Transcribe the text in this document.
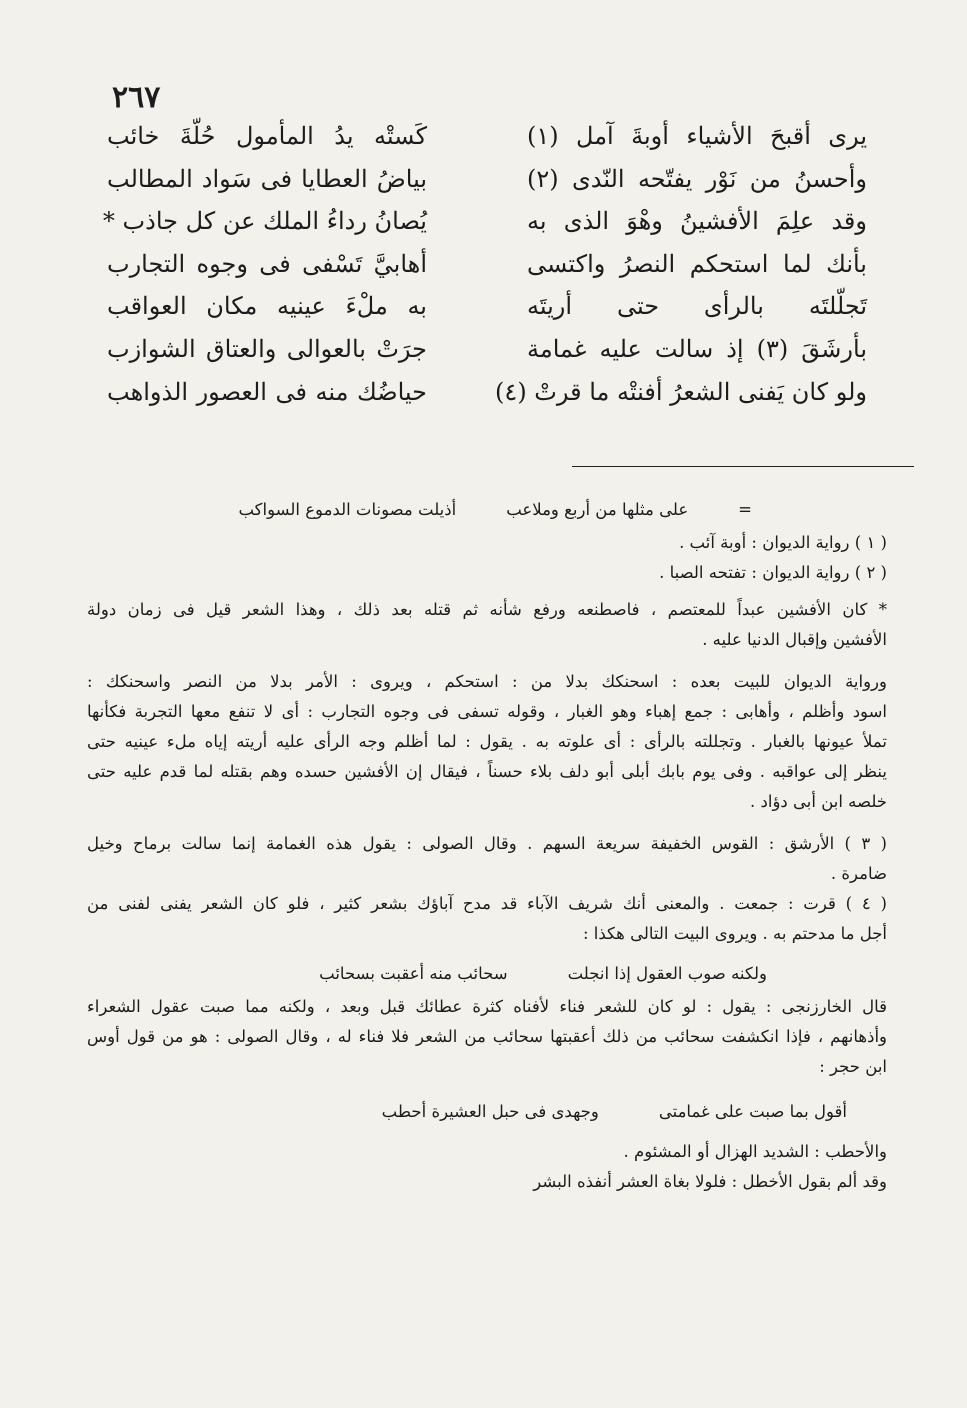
٢٦٧
يرى أقبحَ الأشياء أوبةَ آمل (١)
كَستْه يدُ المأمول حُلّةَ خائب
وأحسنُ من نَوْر يفتّحه النّدى (٢)
بياضُ العطايا فى سَواد المطالب
وقد علِمَ الأفشينُ وهْوَ الذى به
يُصانُ رداءُ الملك عن كل جاذب *
بأنك لما استحكم النصرُ واكتسى
أهابيَّ تَسْفى فى وجوه التجارب
تَجلّلتَه بالرأى حتى أريتَه
به ملْءَ عينيه مكان العواقب
بأرشَقَ (٣) إذ سالت عليه غمامة
جرَتْ بالعوالى والعتاق الشوازب
ولو كان يَفنى الشعرُ أفنتْه ما قرتْ (٤)
حياضُك منه فى العصور الذواهب
=
على مثلها من أربع وملاعب
أذيلت مصونات الدموع السواكب
( ١ ) رواية الديوان : أوبة آئب .
( ٢ ) رواية الديوان : تفتحه الصبا .
* كان الأفشين عبداً للمعتصم ، فاصطنعه ورفع شأنه ثم قتله بعد ذلك ، وهذا الشعر قيل فى زمان دولة
الأفشين وإقبال الدنيا عليه .
ورواية الديوان للبيت بعده : اسحنكك بدلا من : استحكم ، ويروى : الأمر بدلا من النصر واسحنكك :
اسود وأظلم ، وأهابى : جمع إهباء وهو الغبار ، وقوله تسفى فى وجوه التجارب : أى لا تنفع معها التجربة فكأنها
تملأ عيونها بالغبار . وتجللته بالرأى : أى علوته به . يقول : لما أظلم وجه الرأى عليه أريته إياه ملء عينيه حتى
ينظر إلى عواقبه . وفى يوم بابك أبلى أبو دلف بلاء حسناً ، فيقال إن الأفشين حسده وهم بقتله لما قدم عليه حتى
خلصه ابن أبى دؤاد .
( ٣ ) الأرشق : القوس الخفيفة سريعة السهم . وقال الصولى : يقول هذه الغمامة إنما سالت برماح وخيل
ضامرة .
( ٤ ) قرت : جمعت . والمعنى أنك شريف الآباء قد مدح آباؤك بشعر كثير ، فلو كان الشعر يفنى لفنى من
أجل ما مدحتم به . ويروى البيت التالى هكذا :
ولكنه صوب العقول إذا انجلت
سحائب منه أعقبت بسحائب
قال الخارزنجى : يقول : لو كان للشعر فناء لأفناه كثرة عطائك قبل وبعد ، ولكنه مما صبت عقول الشعراء
وأذهانهم ، فإذا انكشفت سحائب من ذلك أعقبتها سحائب من الشعر فلا فناء له ، وقال الصولى : هو من قول أوس
ابن حجر :
أقول بما صبت على غمامتى
وجهدى فى حبل العشيرة أحطب
والأحطب : الشديد الهزال أو المشئوم .
وقد ألم بقول الأخطل : فلولا بغاة العشر أنفذه البشر
